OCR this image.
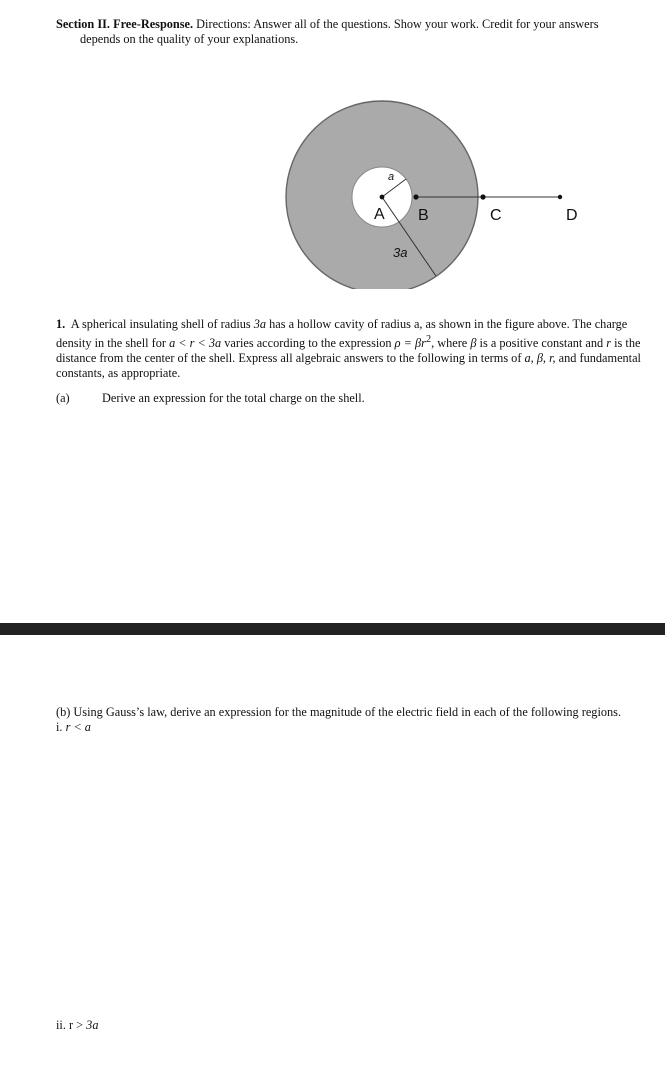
Section II. Free-Response. Directions: Answer all of the questions. Show your work. Credit for your answers
depends on the quality of your explanations.
a
A B	C	D
3a
1. A spherical insulating shell of radius 3a has a hollow cavity of radius a, as shown in the figure above. The charge density in the shell for a < r < 3a varies according to the expression $\rho = \beta r^2$, where β is a positive constant and r is the distance from the center of the shell. Express all algebraic answers to the following in terms of a, β, r, and fundamental constants, as appropriate.
(a)	Derive an expression for the total charge on the shell.
(b) Using Gauss’s law, derive an expression for the magnitude of the electric field in each of the following regions.
i. r < a
ii. r > 3a
